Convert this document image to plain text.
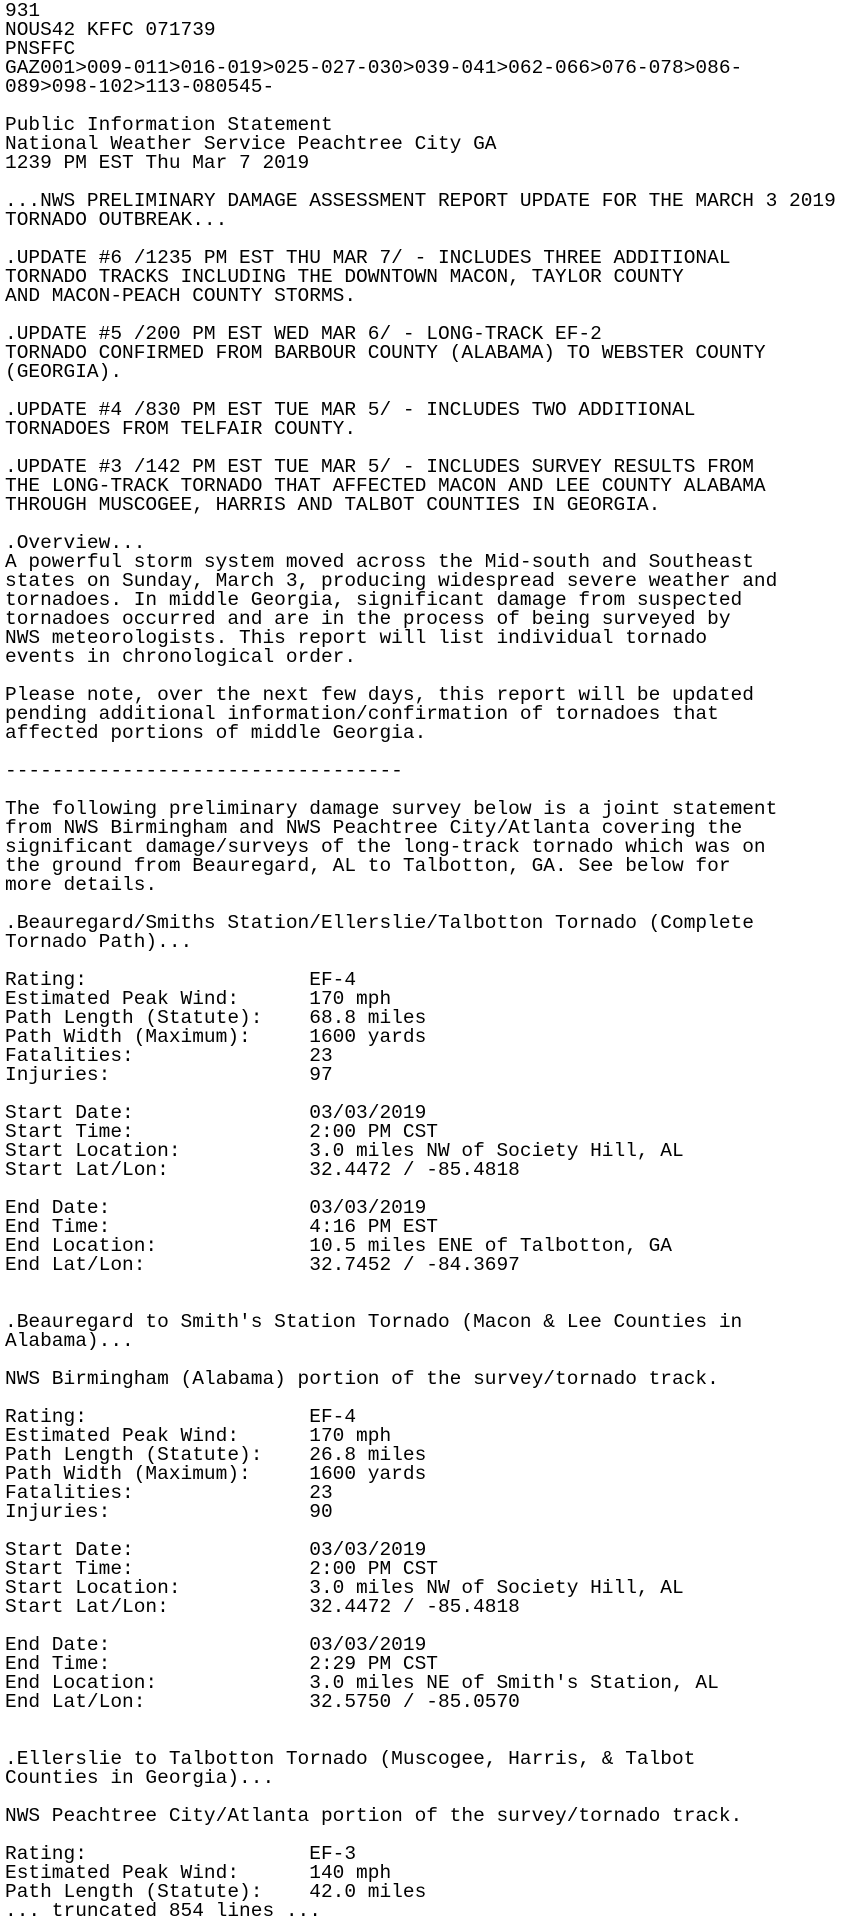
931
NOUS42 KFFC 071739
PNSFFC
GAZ001>009-011>016-019>025-027-030>039-041>062-066>076-078>086-
089>098-102>113-080545-

Public Information Statement
National Weather Service Peachtree City GA
1239 PM EST Thu Mar 7 2019

...NWS PRELIMINARY DAMAGE ASSESSMENT REPORT UPDATE FOR THE MARCH 3 2019
TORNADO OUTBREAK...

.UPDATE #6 /1235 PM EST THU MAR 7/ - INCLUDES THREE ADDITIONAL
TORNADO TRACKS INCLUDING THE DOWNTOWN MACON, TAYLOR COUNTY
AND MACON-PEACH COUNTY STORMS.

.UPDATE #5 /200 PM EST WED MAR 6/ - LONG-TRACK EF-2
TORNADO CONFIRMED FROM BARBOUR COUNTY (ALABAMA) TO WEBSTER COUNTY
(GEORGIA).

.UPDATE #4 /830 PM EST TUE MAR 5/ - INCLUDES TWO ADDITIONAL
TORNADOES FROM TELFAIR COUNTY.

.UPDATE #3 /142 PM EST TUE MAR 5/ - INCLUDES SURVEY RESULTS FROM
THE LONG-TRACK TORNADO THAT AFFECTED MACON AND LEE COUNTY ALABAMA
THROUGH MUSCOGEE, HARRIS AND TALBOT COUNTIES IN GEORGIA.

.Overview...
A powerful storm system moved across the Mid-south and Southeast
states on Sunday, March 3, producing widespread severe weather and
tornadoes. In middle Georgia, significant damage from suspected
tornadoes occurred and are in the process of being surveyed by
NWS meteorologists. This report will list individual tornado
events in chronological order.

Please note, over the next few days, this report will be updated
pending additional information/confirmation of tornadoes that
affected portions of middle Georgia.

----------------------------------

The following preliminary damage survey below is a joint statement
from NWS Birmingham and NWS Peachtree City/Atlanta covering the
significant damage/surveys of the long-track tornado which was on
the ground from Beauregard, AL to Talbotton, GA. See below for
more details.

.Beauregard/Smiths Station/Ellerslie/Talbotton Tornado (Complete
Tornado Path)...

Rating:                   EF-4
Estimated Peak Wind:      170 mph
Path Length (Statute):    68.8 miles
Path Width (Maximum):     1600 yards
Fatalities:               23
Injuries:                 97

Start Date:               03/03/2019
Start Time:               2:00 PM CST
Start Location:           3.0 miles NW of Society Hill, AL
Start Lat/Lon:            32.4472 / -85.4818

End Date:                 03/03/2019
End Time:                 4:16 PM EST
End Location:             10.5 miles ENE of Talbotton, GA
End Lat/Lon:              32.7452 / -84.3697

.Beauregard to Smith's Station Tornado (Macon & Lee Counties in
Alabama)...

NWS Birmingham (Alabama) portion of the survey/tornado track.

Rating:                   EF-4
Estimated Peak Wind:      170 mph
Path Length (Statute):    26.8 miles
Path Width (Maximum):     1600 yards
Fatalities:               23
Injuries:                 90

Start Date:               03/03/2019
Start Time:               2:00 PM CST
Start Location:           3.0 miles NW of Society Hill, AL
Start Lat/Lon:            32.4472 / -85.4818

End Date:                 03/03/2019
End Time:                 2:29 PM CST
End Location:             3.0 miles NE of Smith's Station, AL
End Lat/Lon:              32.5750 / -85.0570

.Ellerslie to Talbotton Tornado (Muscogee, Harris, & Talbot
Counties in Georgia)...

NWS Peachtree City/Atlanta portion of the survey/tornado track.

Rating:                   EF-3
Estimated Peak Wind:      140 mph
Path Length (Statute):    42.0 miles
... truncated 854 lines ...
